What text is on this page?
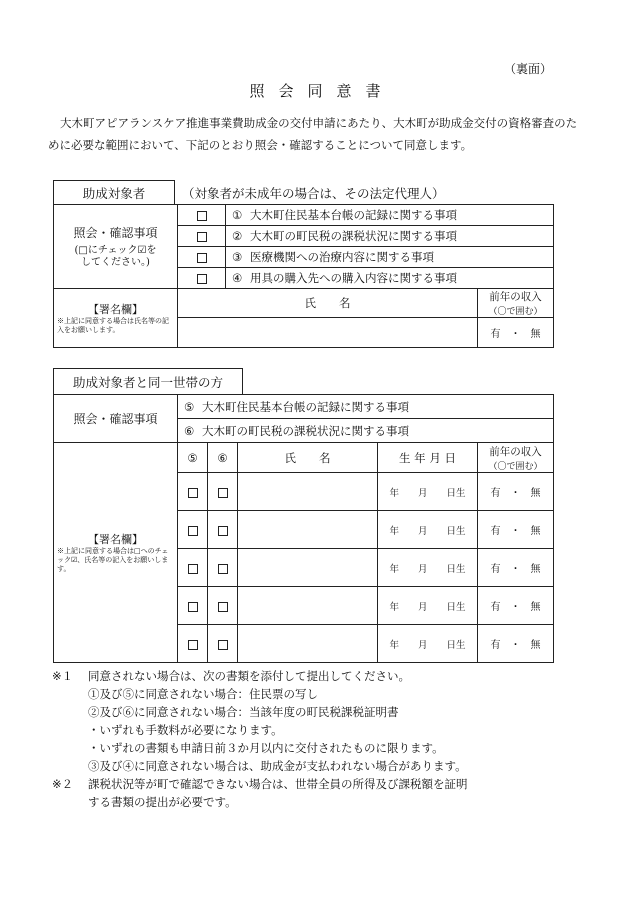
（裏面）
照会同意書
大木町アピアランスケア推進事業費助成金の交付申請にあたり、大木町が助成金交付の資格審査のために必要な範囲において、下記のとおり照会・確認することについて同意します。
助成対象者	（対象者が未成年の場合は、その法定代理人）
照会・確認事項
(□にチェック☑を
してください。)		① 大木町住民基本台帳の記録に関する事項	
		② 大木町の町民税の課税状況に関する事項	
		③ 医療機関への治療内容に関する事項	
		④ 用具の購入先への購入内容に関する事項	

【署名欄】
※上記に同意する場合は氏名等の記入をお願いします。	氏　　名		前年の収入
（〇で囲む）

			有　・　無
助成対象者と同一世帯の方
照会・確認事項	⑤ 大木町住民基本台帳の記録に関する事項				
	⑥ 大木町の町民税の課税状況に関する事項				

【署名欄】
※上記に同意する場合は□へのチェック☑、氏名等の記入をお願いします。	⑤	⑥	氏　　名	生 年 月 日	前年の収入
（〇で囲む）

				年　　月　　日生	有　・　無
				年　　月　　日生	有　・　無
				年　　月　　日生	有　・　無
				年　　月　　日生	有　・　無
				年　　月　　日生	有　・　無
※１ 同意されない場合は、次の書類を添付して提出してください。
①及び⑤に同意されない場合：住民票の写し
②及び⑥に同意されない場合：当該年度の町民税課税証明書
・いずれも手数料が必要になります。
・いずれの書類も申請日前３か月以内に交付されたものに限ります。
③及び④に同意されない場合は、助成金が支払われない場合があります。
※２ 課税状況等が町で確認できない場合は、世帯全員の所得及び課税額を証明
する書類の提出が必要です。
